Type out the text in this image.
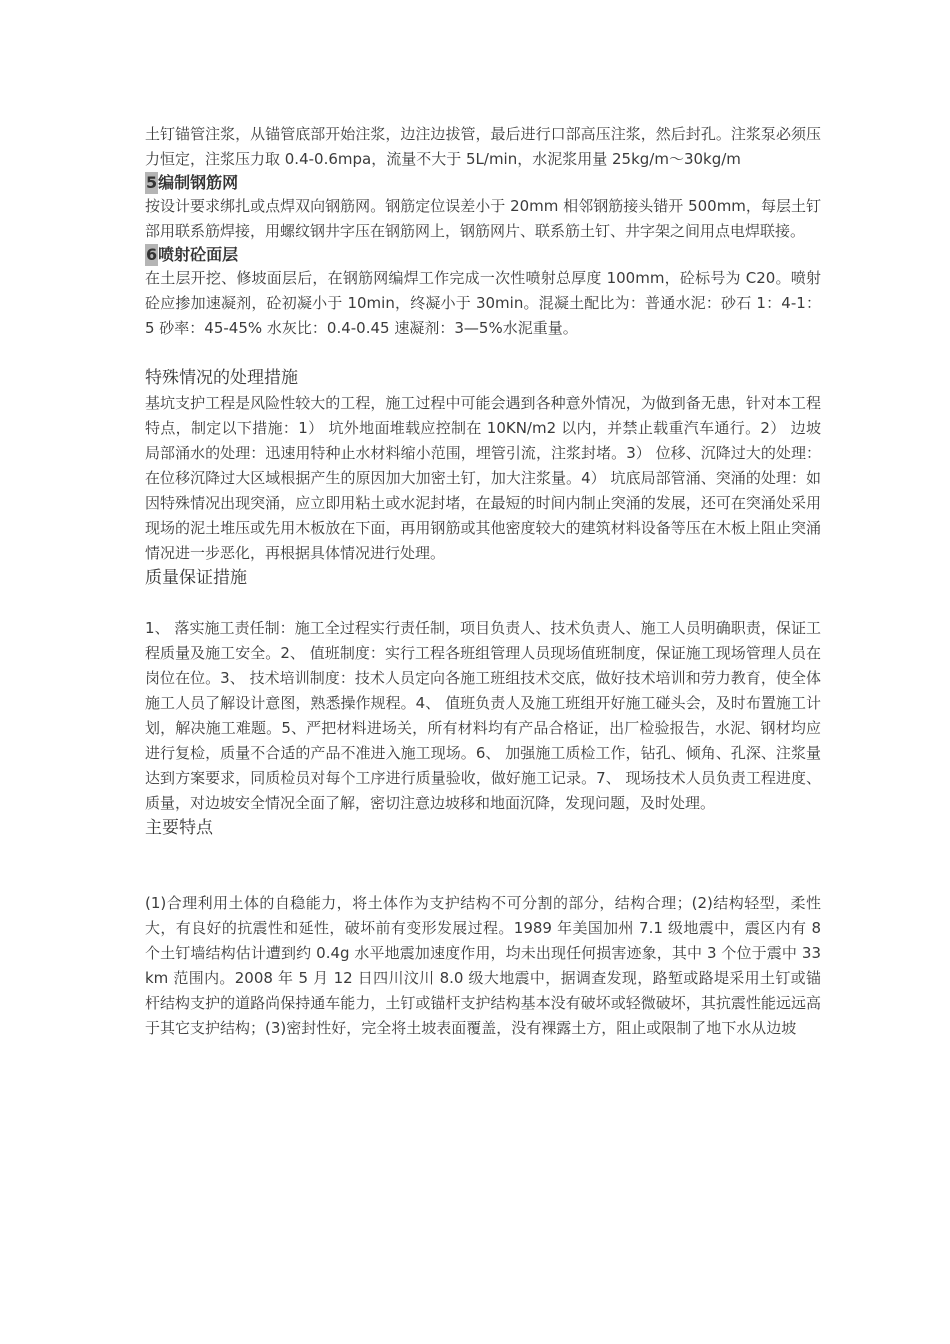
土钉锚管注浆，从锚管底部开始注浆，边注边拔管，最后进行口部高压注浆，然后封孔。注浆泵必须压力恒定，注浆压力取 0.4-0.6mpa，流量不大于 5L/min，水泥浆用量 25kg/m～30kg/m

5编制钢筋网

按设计要求绑扎或点焊双向钢筋网。钢筋定位误差小于 20mm 相邻钢筋接头错开 500mm，每层土钉部用联系筋焊接，用螺纹钢井字压在钢筋网上，钢筋网片、联系筋土钉、井字架之间用点电焊联接。

6喷射砼面层

在土层开挖、修坡面层后，在钢筋网编焊工作完成一次性喷射总厚度 100mm，砼标号为 C20。喷射砼应掺加速凝剂，砼初凝小于 10min，终凝小于 30min。混凝土配比为：普通水泥：砂石 1：4-1：5 砂率：45-45% 水灰比：0.4-0.45 速凝剂：3—5%水泥重量。

特殊情况的处理措施

基坑支护工程是风险性较大的工程，施工过程中可能会遇到各种意外情况，为做到备无患，针对本工程特点，制定以下措施：1） 坑外地面堆载应控制在 10KN/m2 以内，并禁止载重汽车通行。2） 边坡局部涌水的处理：迅速用特种止水材料缩小范围，埋管引流，注浆封堵。3） 位移、沉降过大的处理：在位移沉降过大区域根据产生的原因加大加密土钉，加大注浆量。4） 坑底局部管涌、突涌的处理：如因特殊情况出现突涌，应立即用粘土或水泥封堵，在最短的时间内制止突涌的发展，还可在突涌处采用现场的泥土堆压或先用木板放在下面，再用钢筋或其他密度较大的建筑材料设备等压在木板上阻止突涌情况进一步恶化，再根据具体情况进行处理。

质量保证措施

1、 落实施工责任制：施工全过程实行责任制，项目负责人、技术负责人、施工人员明确职责，保证工程质量及施工安全。2、 值班制度：实行工程各班组管理人员现场值班制度，保证施工现场管理人员在岗位在位。3、 技术培训制度：技术人员定向各施工班组技术交底，做好技术培训和劳力教育，使全体施工人员了解设计意图，熟悉操作规程。4、 值班负责人及施工班组开好施工碰头会，及时布置施工计划，解决施工难题。5、严把材料进场关，所有材料均有产品合格证，出厂检验报告，水泥、钢材均应进行复检，质量不合适的产品不准进入施工现场。6、 加强施工质检工作，钻孔、倾角、孔深、注浆量达到方案要求，同质检员对每个工序进行质量验收，做好施工记录。7、 现场技术人员负责工程进度、质量，对边坡安全情况全面了解，密切注意边坡移和地面沉降，发现问题，及时处理。

主要特点

(1)合理利用土体的自稳能力，将土体作为支护结构不可分割的部分，结构合理；(2)结构轻型，柔性大，有良好的抗震性和延性，破坏前有变形发展过程。1989 年美国加州 7.1 级地震中，震区内有 8 个土钉墙结构估计遭到约 0.4g 水平地震加速度作用，均未出现任何损害迹象，其中 3 个位于震中 33km 范围内。2008 年 5 月 12 日四川汶川 8.0 级大地震中，据调查发现，路堑或路堤采用土钉或锚杆结构支护的道路尚保持通车能力，土钉或锚杆支护结构基本没有破坏或轻微破坏，其抗震性能远远高于其它支护结构；(3)密封性好，完全将土坡表面覆盖，没有裸露土方，阻止或限制了地下水从边坡
